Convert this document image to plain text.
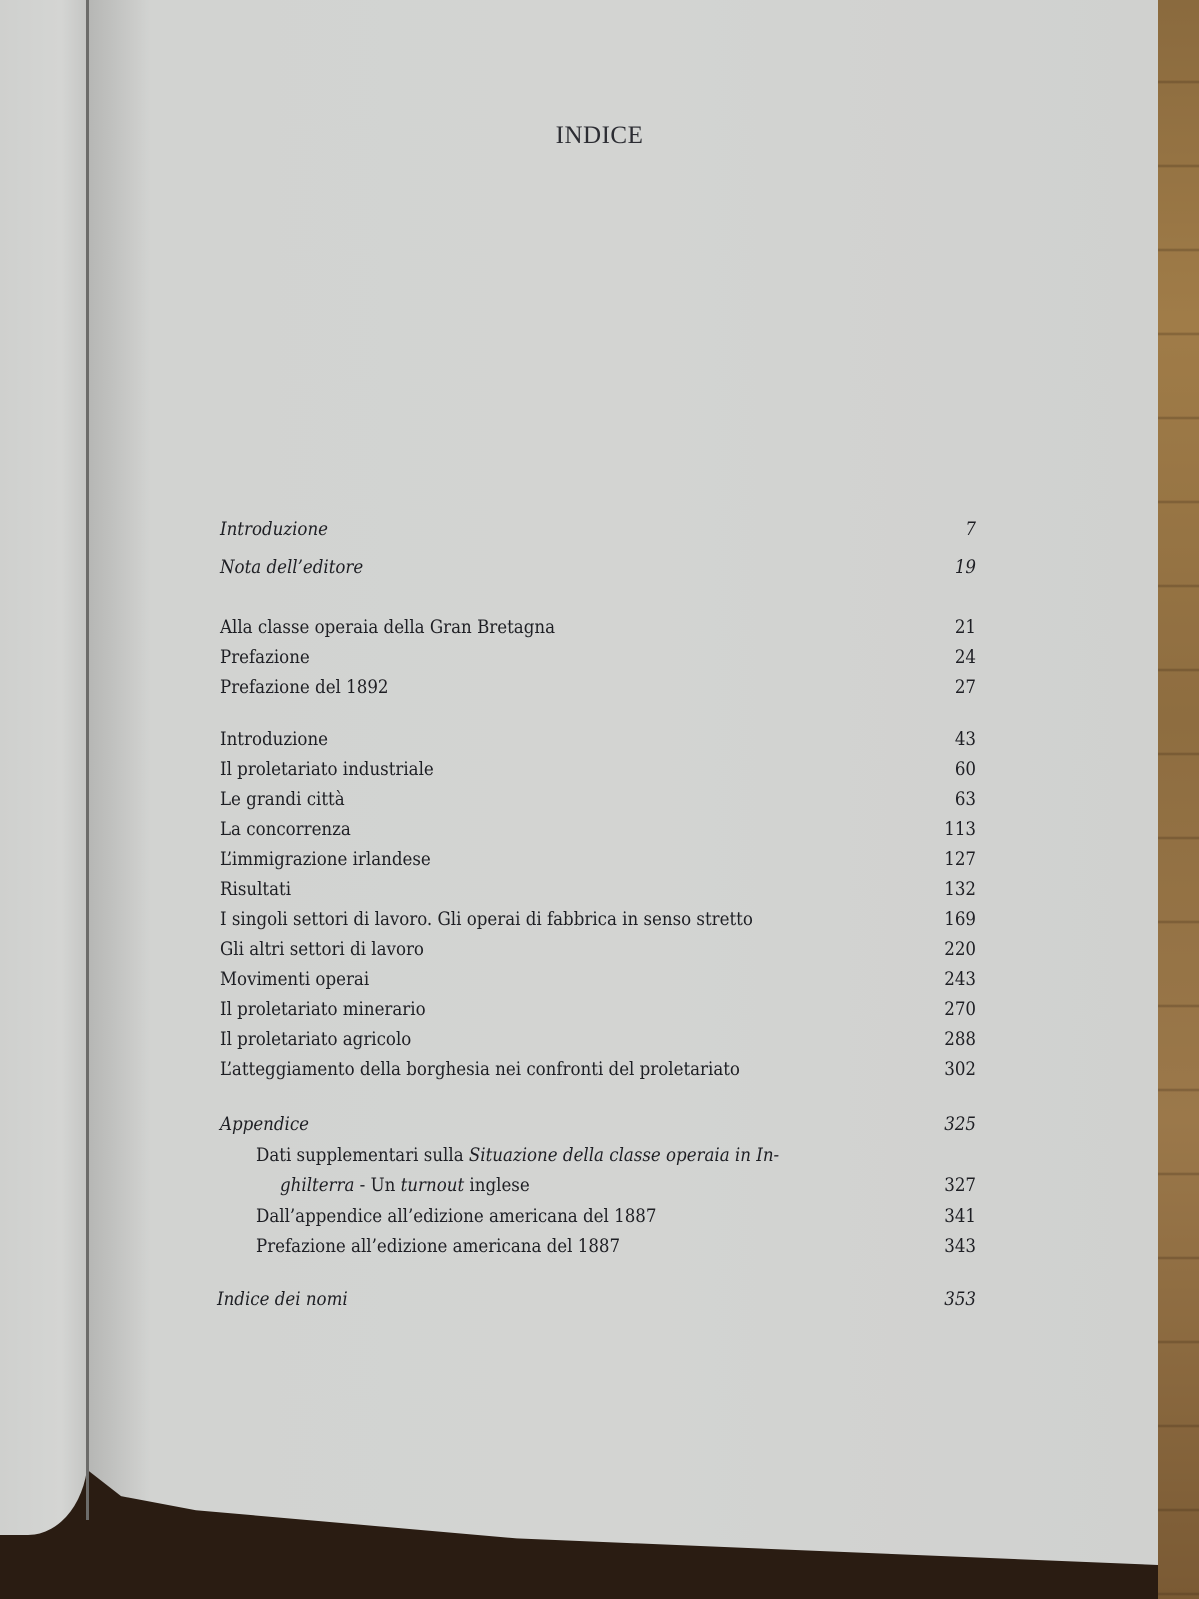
INDICE
Introduzione	7
Nota dell’editore	19
Alla classe operaia della Gran Bretagna	21
Prefazione	24
Prefazione del 1892	27
Introduzione	43
Il proletariato industriale	60
Le grandi città	63
La concorrenza	113
L’immigrazione irlandese	127
Risultati	132
I singoli settori di lavoro. Gli operai di fabbrica in senso stretto	169
Gli altri settori di lavoro	220
Movimenti operai	243
Il proletariato minerario	270
Il proletariato agricolo	288
L’atteggiamento della borghesia nei confronti del proletariato	302
Appendice	325
Dati supplementari sulla Situazione della classe operaia in In-
ghilterra - Un turnout inglese	327
Dall’appendice all’edizione americana del 1887	341
Prefazione all’edizione americana del 1887	343
Indice dei nomi	353
